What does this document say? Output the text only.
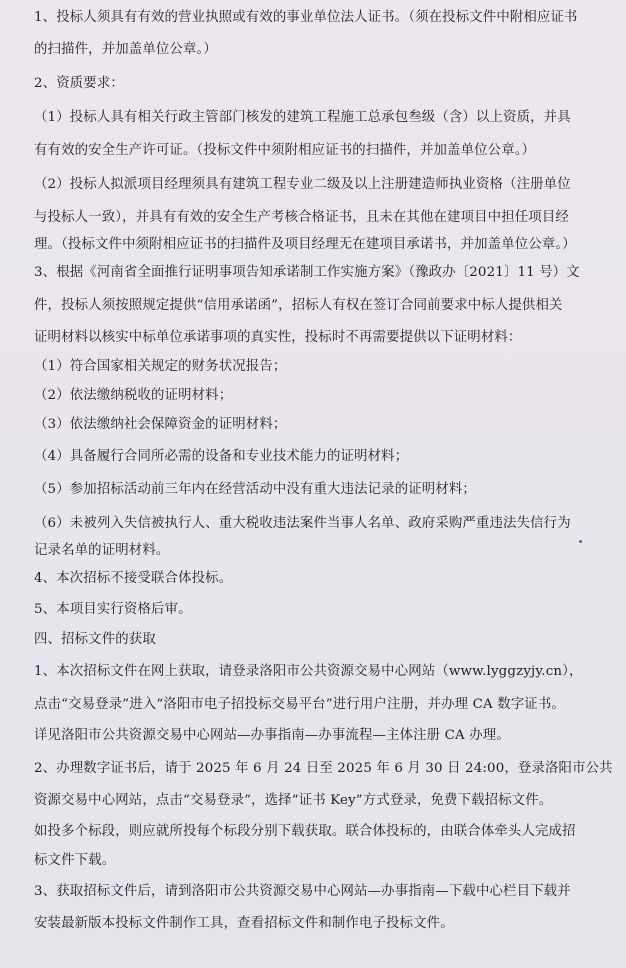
1、投标人须具有有效的营业执照或有效的事业单位法人证书。（须在投标文件中附相应证书

的扫描件，并加盖单位公章。）

2、资质要求：

（1）投标人具有相关行政主管部门核发的建筑工程施工总承包叁级（含）以上资质，并具

有有效的安全生产许可证。（投标文件中须附相应证书的扫描件，并加盖单位公章。）

（2）投标人拟派项目经理须具有建筑工程专业二级及以上注册建造师执业资格（注册单位

与投标人一致），并具有有效的安全生产考核合格证书，且未在其他在建项目中担任项目经

理。（投标文件中须附相应证书的扫描件及项目经理无在建项目承诺书，并加盖单位公章。）

3、根据《河南省全面推行证明事项告知承诺制工作实施方案》（豫政办〔2021〕11 号）文

件，投标人须按照规定提供“信用承诺函”，招标人有权在签订合同前要求中标人提供相关

证明材料以核实中标单位承诺事项的真实性，投标时不再需要提供以下证明材料：

（1）符合国家相关规定的财务状况报告；

（2）依法缴纳税收的证明材料；

（3）依法缴纳社会保障资金的证明材料；

（4）具备履行合同所必需的设备和专业技术能力的证明材料；

（5）参加招标活动前三年内在经营活动中没有重大违法记录的证明材料；

（6）未被列入失信被执行人、重大税收违法案件当事人名单、政府采购严重违法失信行为

记录名单的证明材料。

4、本次招标不接受联合体投标。

5、本项目实行资格后审。

四、招标文件的获取

1、本次招标文件在网上获取，请登录洛阳市公共资源交易中心网站（www.lyggzyjy.cn），

点击“交易登录”进入“洛阳市电子招投标交易平台”进行用户注册，并办理 CA 数字证书。

详见洛阳市公共资源交易中心网站—办事指南—办事流程—主体注册 CA 办理。

2、办理数字证书后，请于 2025 年 6 月 24 日至 2025 年 6 月 30 日 24:00，登录洛阳市公共

资源交易中心网站，点击“交易登录”，选择“证书 Key”方式登录，免费下载招标文件。

如投多个标段，则应就所投每个标段分别下载获取。联合体投标的，由联合体牵头人完成招

标文件下载。

3、获取招标文件后，请到洛阳市公共资源交易中心网站—办事指南—下载中心栏目下载并

安装最新版本投标文件制作工具，查看招标文件和制作电子投标文件。
